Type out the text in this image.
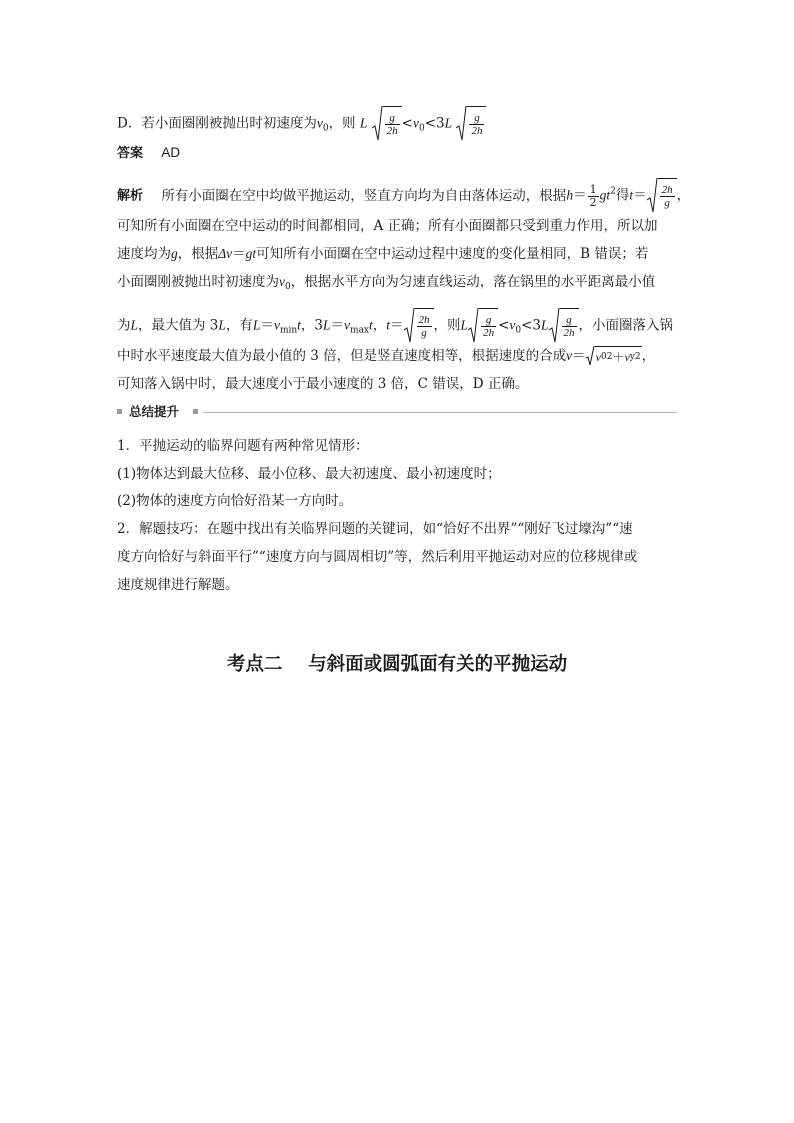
D．若小面圈刚被抛出时初速度为$v_0$，则 L $\frac{g}{2h} <v_0<3L \frac{g}{2h}$
答案 AD
解析 所有小面圈在空中均做平抛运动，竖直方向均为自由落体运动，根据$h= \frac{1}{2} gt^2$得$t= \frac{2h}{g}$ ，
可知所有小面圈在空中运动的时间都相同，A 正确；所有小面圈都只受到重力作用，所以加
速度均为g，根据Δv＝gt可知所有小面圈在空中运动过程中速度的变化量相同，B 错误；若
小面圈刚被抛出时初速度为$v_0$，根据水平方向为匀速直线运动，落在锅里的水平距离最小值
为L，最大值为 3L，有$L=v_{min}t$，$3L=v_{max}t$，$t= \frac{2h}{g}$ ，则L $\frac{g}{2h} <v_0<3L \frac{g}{2h}$ ，小面圈落入锅
中时水平速度最大值为最小值的 3 倍，但是竖直速度相等，根据速度的合成v＝ v 02 ＋ v y2 ，
可知落入锅中时，最大速度小于最小速度的 3 倍，C 错误，D 正确。
总结提升
1．平抛运动的临界问题有两种常见情形：
(1)物体达到最大位移、最小位移、最大初速度、最小初速度时；
(2)物体的速度方向恰好沿某一方向时。
2．解题技巧：在题中找出有关临界问题的关键词，如“恰好不出界”“刚好飞过壕沟”“速
度方向恰好与斜面平行”“速度方向与圆周相切”等，然后利用平抛运动对应的位移规律或
速度规律进行解题。
考点二 与斜面或圆弧面有关的平抛运动
